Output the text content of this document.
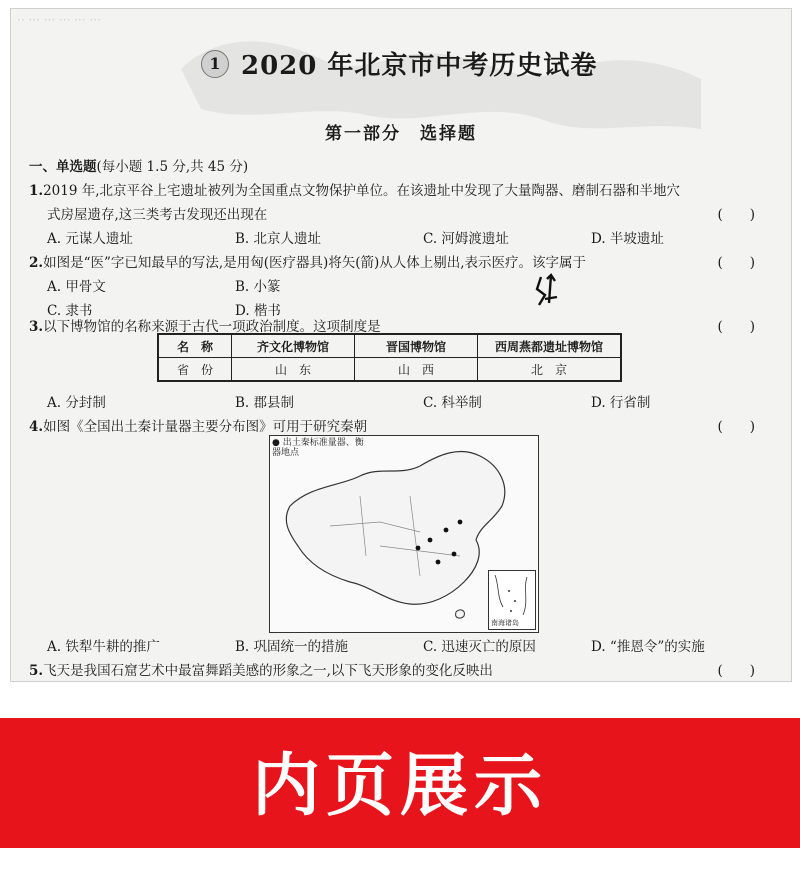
·· ··· ··· ··· ··· ···
1 2020 年北京市中考历史试卷
第一部分　选择题
一、单选题(每小题 1.5 分,共 45 分)
1.2019 年,北京平谷上宅遗址被列为全国重点文物保护单位。在该遗址中发现了大量陶器、磨制石器和半地穴
式房屋遗存,这三类考古发现还出现在	(　　)
A. 元谋人遗址	B. 北京人遗址	C. 河姆渡遗址	D. 半坡遗址
2.如图是“医”字已知最早的写法,是用匈(医疗器具)将矢(箭)从人体上剔出,表示医疗。该字属于	(　　)
A. 甲骨文	B. 小篆
C. 隶书	D. 楷书
3.以下博物馆的名称来源于古代一项政治制度。这项制度是	(　　)
名　称	齐文化博物馆	晋国博物馆	西周燕都遗址博物馆
省　份	山　东	山　西	北　京
A. 分封制	B. 郡县制	C. 科举制	D. 行省制
4.如图《全国出土秦计量器主要分布图》可用于研究秦朝	(　　)
● 出土秦标准量器、衡器地点
南海诸岛
A. 铁犁牛耕的推广	B. 巩固统一的措施	C. 迅速灭亡的原因	D. “推恩令”的实施
5.飞天是我国石窟艺术中最富舞蹈美感的形象之一,以下飞天形象的变化反映出	(　　)
内页展示
